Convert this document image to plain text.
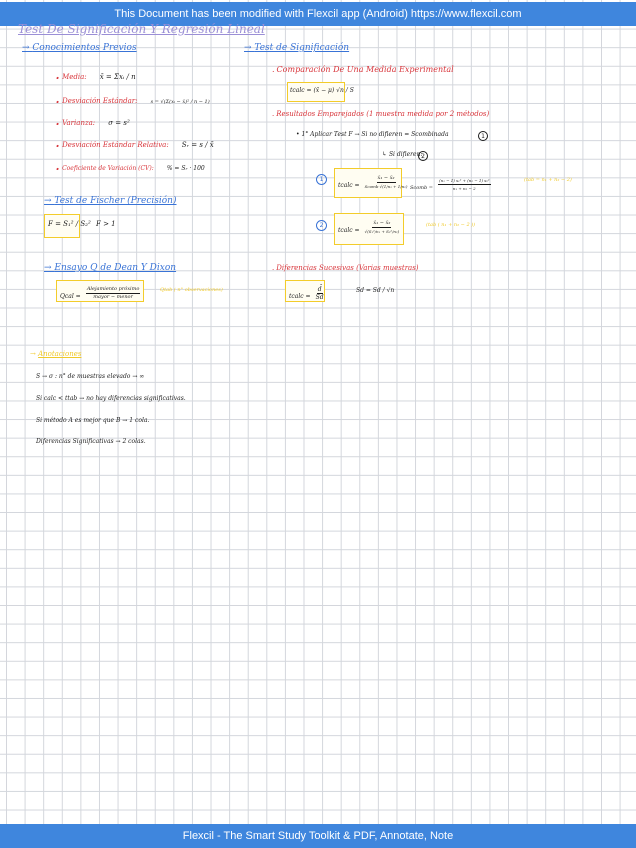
This Document has been modified with Flexcil app (Android) https://www.flexcil.com
Test De Significación Y Regresión Lineal
→ Conocimientos Previos
. Media: x̄ = Σxᵢ / n
. Desviación Estándar:	s = √(Σ(xᵢ − x̄)² / n − 1)
. Varianza: σ = s²
. Desviación Estándar Relativa: Sᵣ = s / x̄
. Coeficiente de Variación (CV): % = Sᵣ · 100
→ Test de Fischer (Precisión)
F = S₁² / S₂² F > 1
→ Ensayo Q de Dean Y Dixon
Qcal = $\frac{\text{Alejamiento próximo}}{\text{mayor − menor}}$	Qtab ( n° observaciones)
→ Test de Significación
. Comparación De Una Medida Experimental
tcalc = (x̄ − μ) √n / S
. Resultados Emparejados (1 muestra medida por 2 métodos)
• 1° Aplicar Test F → Si no difieren = Scombinada	1
↳ Si difieren:
2
1
tcalc = $\frac{\text{x̄₁ − x̄₂}}{\text{Scomb √(1/n₁ + 1/n₂)}}$ Scomb = $\frac{\text{(n₁ − 1) s₁² + (n₂ − 1) s₂²}}{\text{n₁ + n₂ − 2}}$	(tab = n₁ + n₂ − 2)
2
tcalc = $\frac{\text{x̄₁ − x̄₂}}{\text{√(S₁²/n₁ + S₂²/n₂)}}$	(tab ( n₁ + n₂ − 2 ))
. Diferencias Sucesivas (Varias muestras)
tcalc = $\frac{d̄}{Sd}$	Sd = Sd / √n
→ Anotaciones
S → σ : n° de muestras elevado → ∞
Si calc < ttab → no hay diferencias significativas.
Si método A es mejor que B → 1 cola.
Diferencias Significativas → 2 colas.
Flexcil - The Smart Study Toolkit & PDF, Annotate, Note
